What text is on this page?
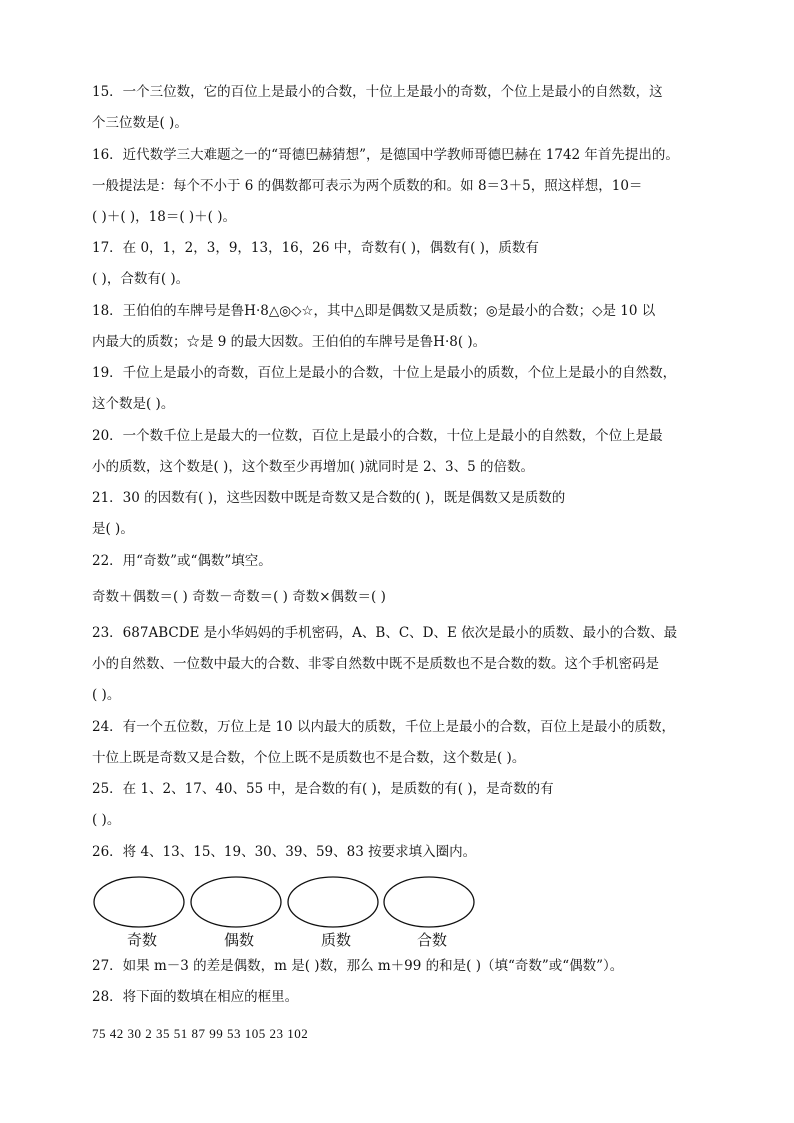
15．一个三位数，它的百位上是最小的合数，十位上是最小的奇数，个位上是最小的自然数，这
个三位数是( )。
16．近代数学三大难题之一的“哥德巴赫猜想”，是德国中学教师哥德巴赫在 1742 年首先提出的。
一般提法是：每个不小于 6 的偶数都可表示为两个质数的和。如 8＝3＋5，照这样想，10＝
( )＋( )，18＝( )＋( )。
17．在 0，1，2，3，9，13，16，26 中，奇数有( )，偶数有( )，质数有
( )，合数有( )。
18．王伯伯的车牌号是鲁H·8△◎◇☆，其中△即是偶数又是质数；◎是最小的合数；◇是 10 以
内最大的质数；☆是 9 的最大因数。王伯伯的车牌号是鲁H·8( )。
19．千位上是最小的奇数，百位上是最小的合数，十位上是最小的质数，个位上是最小的自然数，
这个数是( )。
20．一个数千位上是最大的一位数，百位上是最小的合数，十位上是最小的自然数，个位上是最
小的质数，这个数是( )，这个数至少再增加( )就同时是 2、3、5 的倍数。
21．30 的因数有( )，这些因数中既是奇数又是合数的( )，既是偶数又是质数的
是( )。
22．用“奇数”或“偶数”填空。
奇数＋偶数＝( ) 奇数－奇数＝( ) 奇数×偶数＝( )
23．687ABCDE 是小华妈妈的手机密码，A、B、C、D、E 依次是最小的质数、最小的合数、最
小的自然数、一位数中最大的合数、非零自然数中既不是质数也不是合数的数。这个手机密码是
( )。
24．有一个五位数，万位上是 10 以内最大的质数，千位上是最小的合数，百位上是最小的质数，
十位上既是奇数又是合数，个位上既不是质数也不是合数，这个数是( )。
25．在 1、2、17、40、55 中，是合数的有( )，是质数的有( )，是奇数的有
( )。
26．将 4、13、15、19、30、39、59、83 按要求填入圈内。
奇数	偶数	质数	合数
27．如果 m－3 的差是偶数，m 是( )数，那么 m＋99 的和是( )（填“奇数”或“偶数”）。
28．将下面的数填在相应的框里。
75 42 30 2 35 51 87 99 53 105 23 102
